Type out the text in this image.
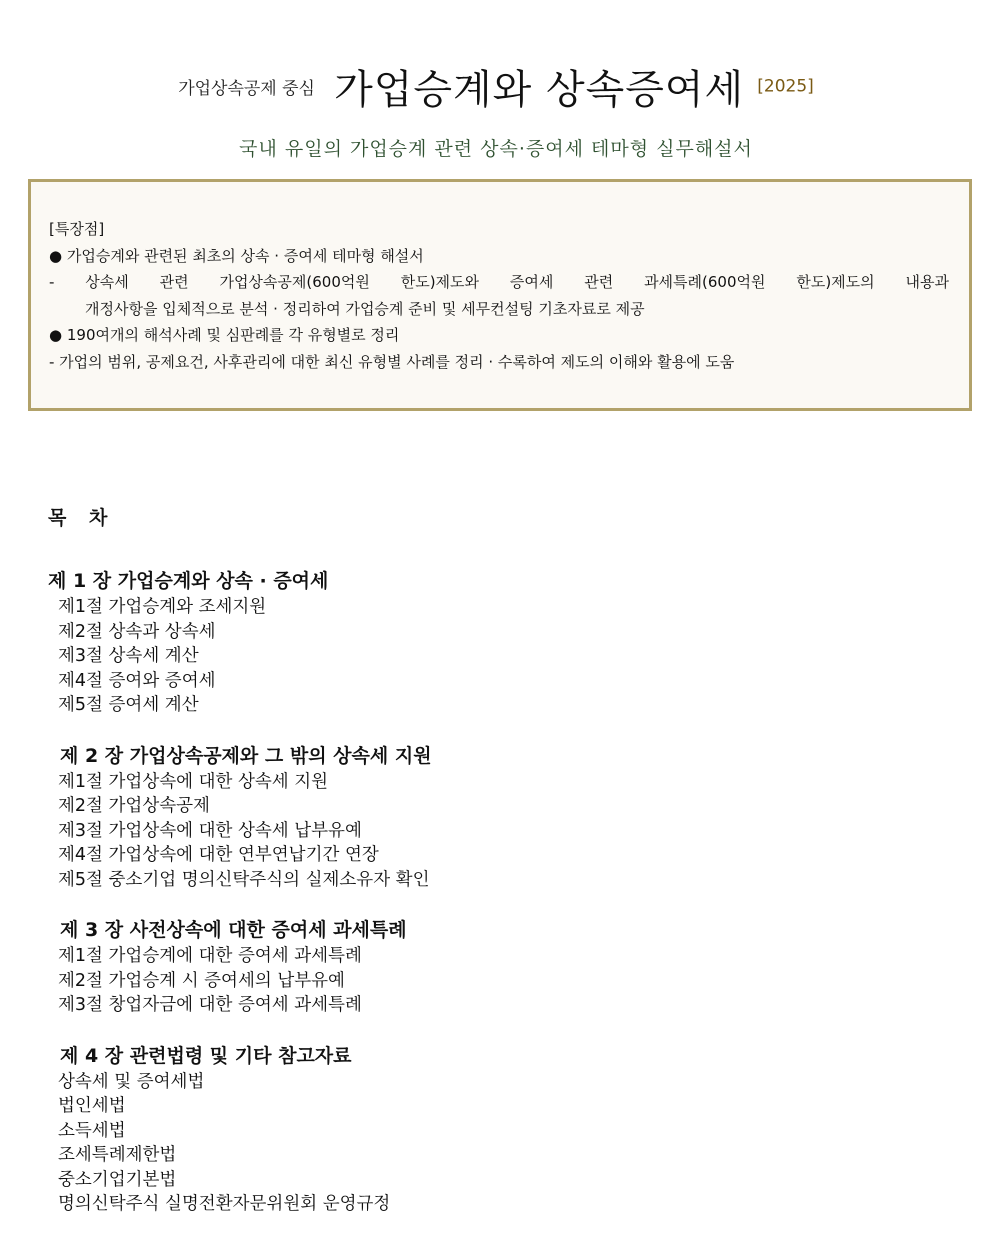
가업상속공제 중심 가업승계와 상속증여세 [2025]
국내 유일의 가업승계 관련 상속·증여세 테마형 실무해설서
[특장점]
● 가업승계와 관련된 최초의 상속 · 증여세 테마형 해설서
- 상속세 관련 가업상속공제(600억원 한도)제도와 증여세 관련 과세특례(600억원 한도)제도의 내용과
개정사항을 입체적으로 분석 · 정리하여 가업승계 준비 및 세무컨설팅 기초자료로 제공
● 190여개의 해석사례 및 심판례를 각 유형별로 정리
- 가업의 범위, 공제요건, 사후관리에 대한 최신 유형별 사례를 정리 · 수록하여 제도의 이해와 활용에 도움
목 차
제 1 장 가업승계와 상속 · 증여세
제1절 가업승계와 조세지원
제2절 상속과 상속세
제3절 상속세 계산
제4절 증여와 증여세
제5절 증여세 계산
제 2 장 가업상속공제와 그 밖의 상속세 지원
제1절 가업상속에 대한 상속세 지원
제2절 가업상속공제
제3절 가업상속에 대한 상속세 납부유예
제4절 가업상속에 대한 연부연납기간 연장
제5절 중소기업 명의신탁주식의 실제소유자 확인
제 3 장 사전상속에 대한 증여세 과세특례
제1절 가업승계에 대한 증여세 과세특례
제2절 가업승계 시 증여세의 납부유예
제3절 창업자금에 대한 증여세 과세특례
제 4 장 관련법령 및 기타 참고자료
상속세 및 증여세법
법인세법
소득세법
조세특례제한법
중소기업기본법
명의신탁주식 실명전환자문위원회 운영규정
